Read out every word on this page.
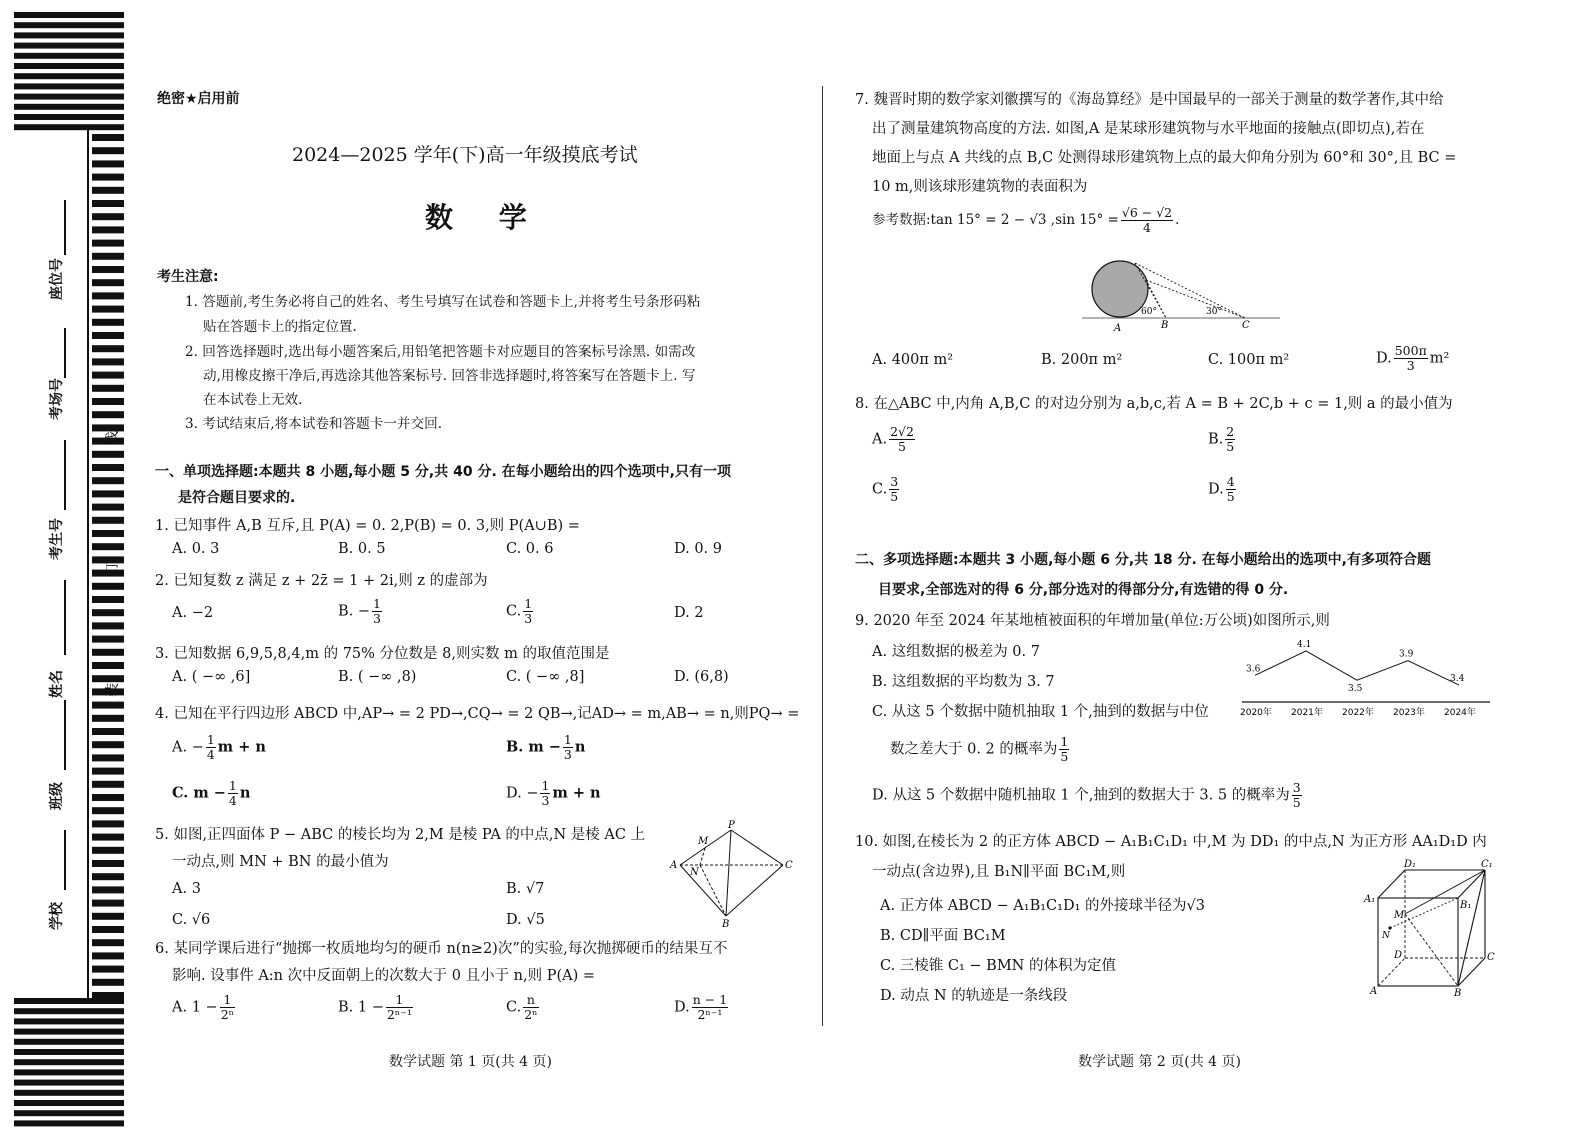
座位号
考场号
考生号
姓名
班级
学校
线
订
装
绝密★启用前
2024—2025 学年(下)高一年级摸底考试
数 学
考生注意:
1. 答题前,考生务必将自己的姓名、考生号填写在试卷和答题卡上,并将考生号条形码粘
贴在答题卡上的指定位置.
2. 回答选择题时,选出每小题答案后,用铅笔把答题卡对应题目的答案标号涂黑. 如需改
动,用橡皮擦干净后,再选涂其他答案标号. 回答非选择题时,将答案写在答题卡上. 写
在本试卷上无效.
3. 考试结束后,将本试卷和答题卡一并交回.
一、单项选择题:本题共 8 小题,每小题 5 分,共 40 分. 在每小题给出的四个选项中,只有一项
是符合题目要求的.
1. 已知事件 A,B 互斥,且 P(A) = 0. 2,P(B) = 0. 3,则 P(A∪B) =
A. 0. 3	B. 0. 5	C. 0. 6	D. 0. 9
2. 已知复数 z 满足 z + 2z̄ = 1 + 2i,则 z 的虚部为
A. −2	B. − $\frac{1}{3}$	C. $\frac{1}{3}$	D. 2
3. 已知数据 6,9,5,8,4,m 的 75% 分位数是 8,则实数 m 的取值范围是
A. ( −∞ ,6]	B. ( −∞ ,8)	C. ( −∞ ,8]	D. (6,8)
4. 已知在平行四边形 ABCD 中,AP→ = 2 PD→,CQ→ = 2 QB→,记AD→ = m,AB→ = n,则PQ→ =
A. − $\frac{1}{4}$ m + n	B. $m - \frac{1}{3}$ n
C. $m - \frac{1}{4}$ n	D. − $\frac{1}{3}$ m + n
5. 如图,正四面体 P − ABC 的棱长均为 2,M 是棱 PA 的中点,N 是棱 AC 上
一动点,则 MN + BN 的最小值为
A. 3	B. √7
C. √6	D. √5
P
M
A
N
C
B
6. 某同学课后进行“抛掷一枚质地均匀的硬币 n(n≥2)次”的实验,每次抛掷硬币的结果互不
影响. 设事件 A:n 次中反面朝上的次数大于 0 且小于 n,则 P(A) =
A. $1 - \frac{1}{\text{2ⁿ}}$	B. $1 - \frac{1}{\text{2ⁿ⁻¹}}$	C. $\frac{n}{\text{2ⁿ}}$	D. $\frac{n - 1}{\text{2ⁿ⁻¹}}$
数学试题 第 1 页(共 4 页)
7. 魏晋时期的数学家刘徽撰写的《海岛算经》是中国最早的一部关于测量的数学著作,其中给
出了测量建筑物高度的方法. 如图,A 是某球形建筑物与水平地面的接触点(即切点),若在
地面上与点 A 共线的点 B,C 处测得球形建筑物上点的最大仰角分别为 60°和 30°,且 BC =
10 m,则该球形建筑物的表面积为
参考数据:tan 15° = 2 − √3 ,sin $15^\circ = \frac{√6 - √2}{4}$ .
A	B	C
60°	30°
A. 400π m²	B. 200π m²	C. 100π m²	D. $\frac{500\pi}{3} m^2$
8. 在△ABC 中,内角 A,B,C 的对边分别为 a,b,c,若 A = B + 2C,b + c = 1,则 a 的最小值为
A. $\frac{2√2}{5}$	B. $\frac{2}{5}$
C. $\frac{3}{5}$	D. $\frac{4}{5}$
二、多项选择题:本题共 3 小题,每小题 6 分,共 18 分. 在每小题给出的选项中,有多项符合题
目要求,全部选对的得 6 分,部分选对的得部分分,有选错的得 0 分.
9. 2020 年至 2024 年某地植被面积的年增加量(单位:万公顷)如图所示,则
A. 这组数据的极差为 0. 7
B. 这组数据的平均数为 3. 7
C. 从这 5 个数据中随机抽取 1 个,抽到的数据与中位
数之差大于 0. 2 的概率为 $\frac{1}{5}$
D. 从这 5 个数据中随机抽取 1 个,抽到的数据大于 3. 5 的概率为 $\frac{3}{5}$
3.6
4.1
3.5
3.9
3.4
2020年 2021年 2022年 2023年 2024年
10. 如图,在棱长为 2 的正方体 ABCD − A₁B₁C₁D₁ 中,M 为 DD₁ 的中点,N 为正方形 AA₁D₁D 内
一动点(含边界),且 B₁N∥平面 BC₁M,则
A. 正方体 ABCD − A₁B₁C₁D₁ 的外接球半径为√3
B. CD∥平面 BC₁M
C. 三棱锥 C₁ − BMN 的体积为定值
D. 动点 N 的轨迹是一条线段
D₁	C₁
A₁
B₁
M
N
D	C
A	B
数学试题 第 2 页(共 4 页)
